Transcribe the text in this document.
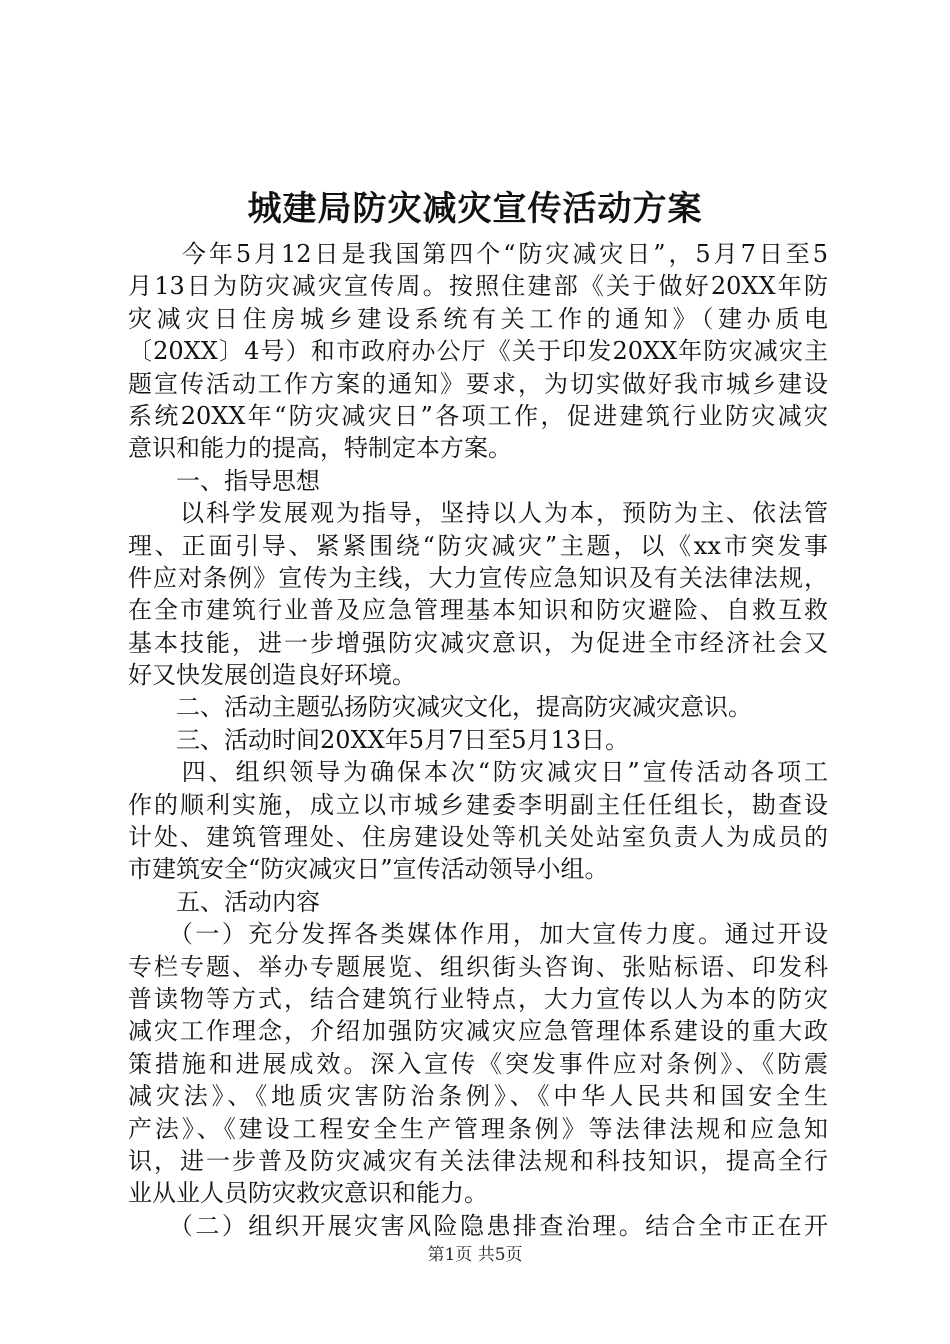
城建局防灾减灾宣传活动方案
　　今年5月12日是我国第四个“防灾减灾日”，5月7日至5
月13日为防灾减灾宣传周。按照住建部《关于做好20XX年防
灾减灾日住房城乡建设系统有关工作的通知》（建办质电
〔20XX〕4号）和市政府办公厅《关于印发20XX年防灾减灾主
题宣传活动工作方案的通知》要求，为切实做好我市城乡建设
系统20XX年“防灾减灾日”各项工作，促进建筑行业防灾减灾
意识和能力的提高，特制定本方案。
　　一、指导思想
　　以科学发展观为指导，坚持以人为本，预防为主、依法管
理、正面引导、紧紧围绕“防灾减灾”主题，以《xx市突发事
件应对条例》宣传为主线，大力宣传应急知识及有关法律法规，
在全市建筑行业普及应急管理基本知识和防灾避险、自救互救
基本技能，进一步增强防灾减灾意识，为促进全市经济社会又
好又快发展创造良好环境。
　　二、活动主题弘扬防灾减灾文化，提高防灾减灾意识。
　　三、活动时间20XX年5月7日至5月13日。
　　四、组织领导为确保本次“防灾减灾日”宣传活动各项工
作的顺利实施，成立以市城乡建委李明副主任任组长，勘查设
计处、建筑管理处、住房建设处等机关处站室负责人为成员的
市建筑安全“防灾减灾日”宣传活动领导小组。
　　五、活动内容
　　（一）充分发挥各类媒体作用，加大宣传力度。通过开设
专栏专题、举办专题展览、组织街头咨询、张贴标语、印发科
普读物等方式，结合建筑行业特点，大力宣传以人为本的防灾
减灾工作理念，介绍加强防灾减灾应急管理体系建设的重大政
策措施和进展成效。深入宣传《突发事件应对条例》、《防震
减灾法》、《地质灾害防治条例》、《中华人民共和国安全生
产法》、《建设工程安全生产管理条例》等法律法规和应急知
识，进一步普及防灾减灾有关法律法规和科技知识，提高全行
业从业人员防灾救灾意识和能力。
　　（二）组织开展灾害风险隐患排查治理。结合全市正在开
第1页 共5页
